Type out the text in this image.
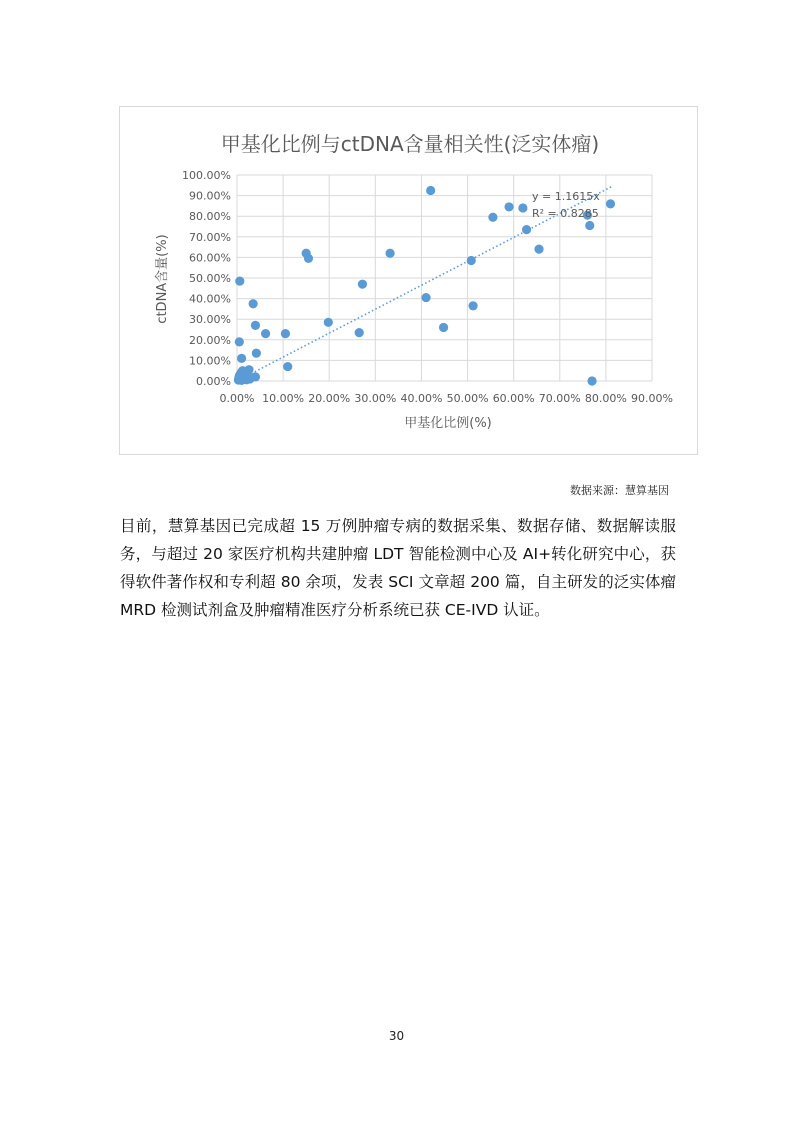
甲基化比例与ctDNA含量相关性(泛实体瘤)
0.00%
10.00%
20.00%
30.00%
40.00%
50.00%
60.00%
70.00%
80.00%
90.00%
100.00%
0.00% 10.00% 20.00% 30.00% 40.00% 50.00% 60.00% 70.00% 80.00% 90.00%
y = 1.1615x
R² = 0.8285
甲基化比例(%)
ctDNA含量(%)
数据来源：慧算基因

目前，慧算基因已完成超 15 万例肿瘤专病的数据采集、数据存储、数据解读服务，与超过 20 家医疗机构共建肿瘤 LDT 智能检测中心及 AI+转化研究中心，获得软件著作权和专利超 80 余项，发表 SCI 文章超 200 篇，自主研发的泛实体瘤 MRD 检测试剂盒及肿瘤精准医疗分析系统已获 CE-IVD 认证。

30
